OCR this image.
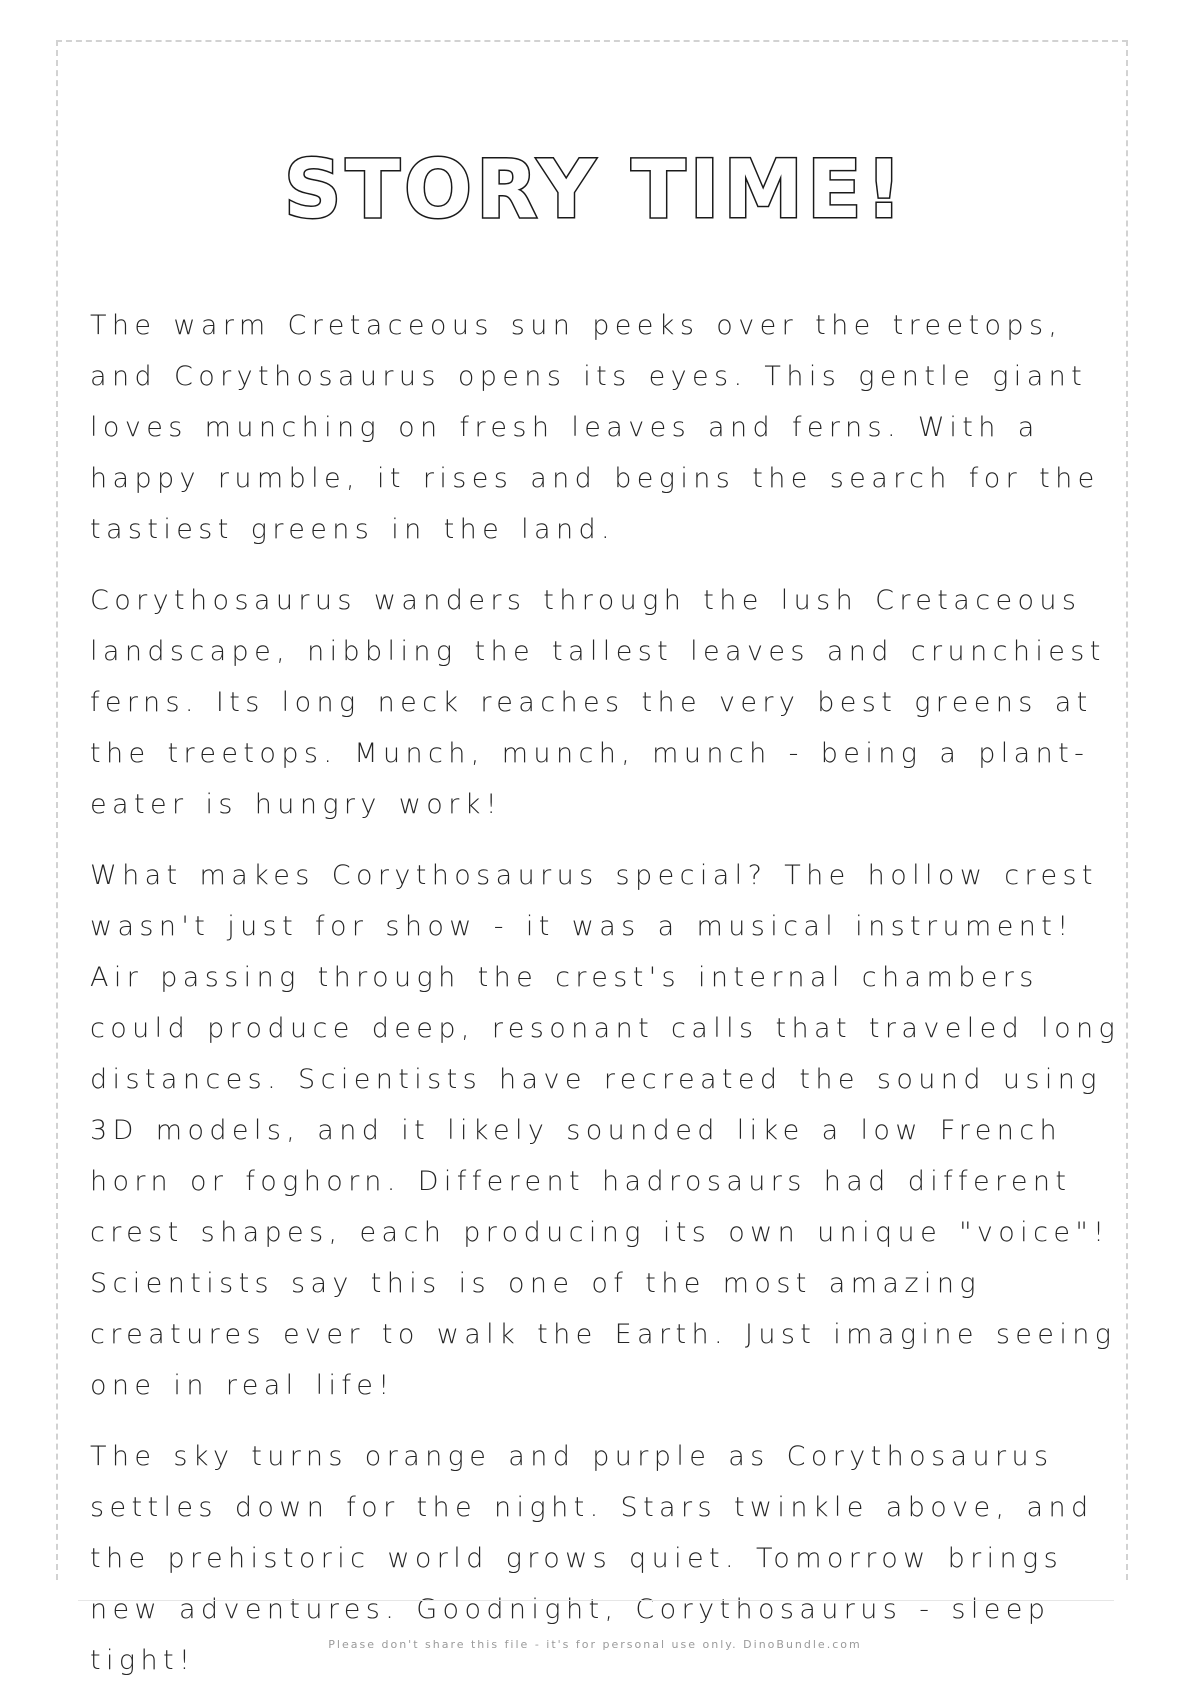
STORY TIME!

The warm Cretaceous sun peeks over the treetops, and Corythosaurus opens its eyes. This gentle giant loves munching on fresh leaves and ferns. With a happy rumble, it rises and begins the search for the tastiest greens in the land.

Corythosaurus wanders through the lush Cretaceous landscape, nibbling the tallest leaves and crunchiest ferns. Its long neck reaches the very best greens at the treetops. Munch, munch, munch - being a plant-eater is hungry work!

What makes Corythosaurus special? The hollow crest wasn't just for show - it was a musical instrument! Air passing through the crest's internal chambers could produce deep, resonant calls that traveled long distances. Scientists have recreated the sound using 3D models, and it likely sounded like a low French horn or foghorn. Different hadrosaurs had different crest shapes, each producing its own unique "voice"! Scientists say this is one of the most amazing creatures ever to walk the Earth. Just imagine seeing one in real life!

The sky turns orange and purple as Corythosaurus settles down for the night. Stars twinkle above, and the prehistoric world grows quiet. Tomorrow brings new adventures. Goodnight, Corythosaurus - sleep tight!

Please don't share this file - it's for personal use only. DinoBundle.com
